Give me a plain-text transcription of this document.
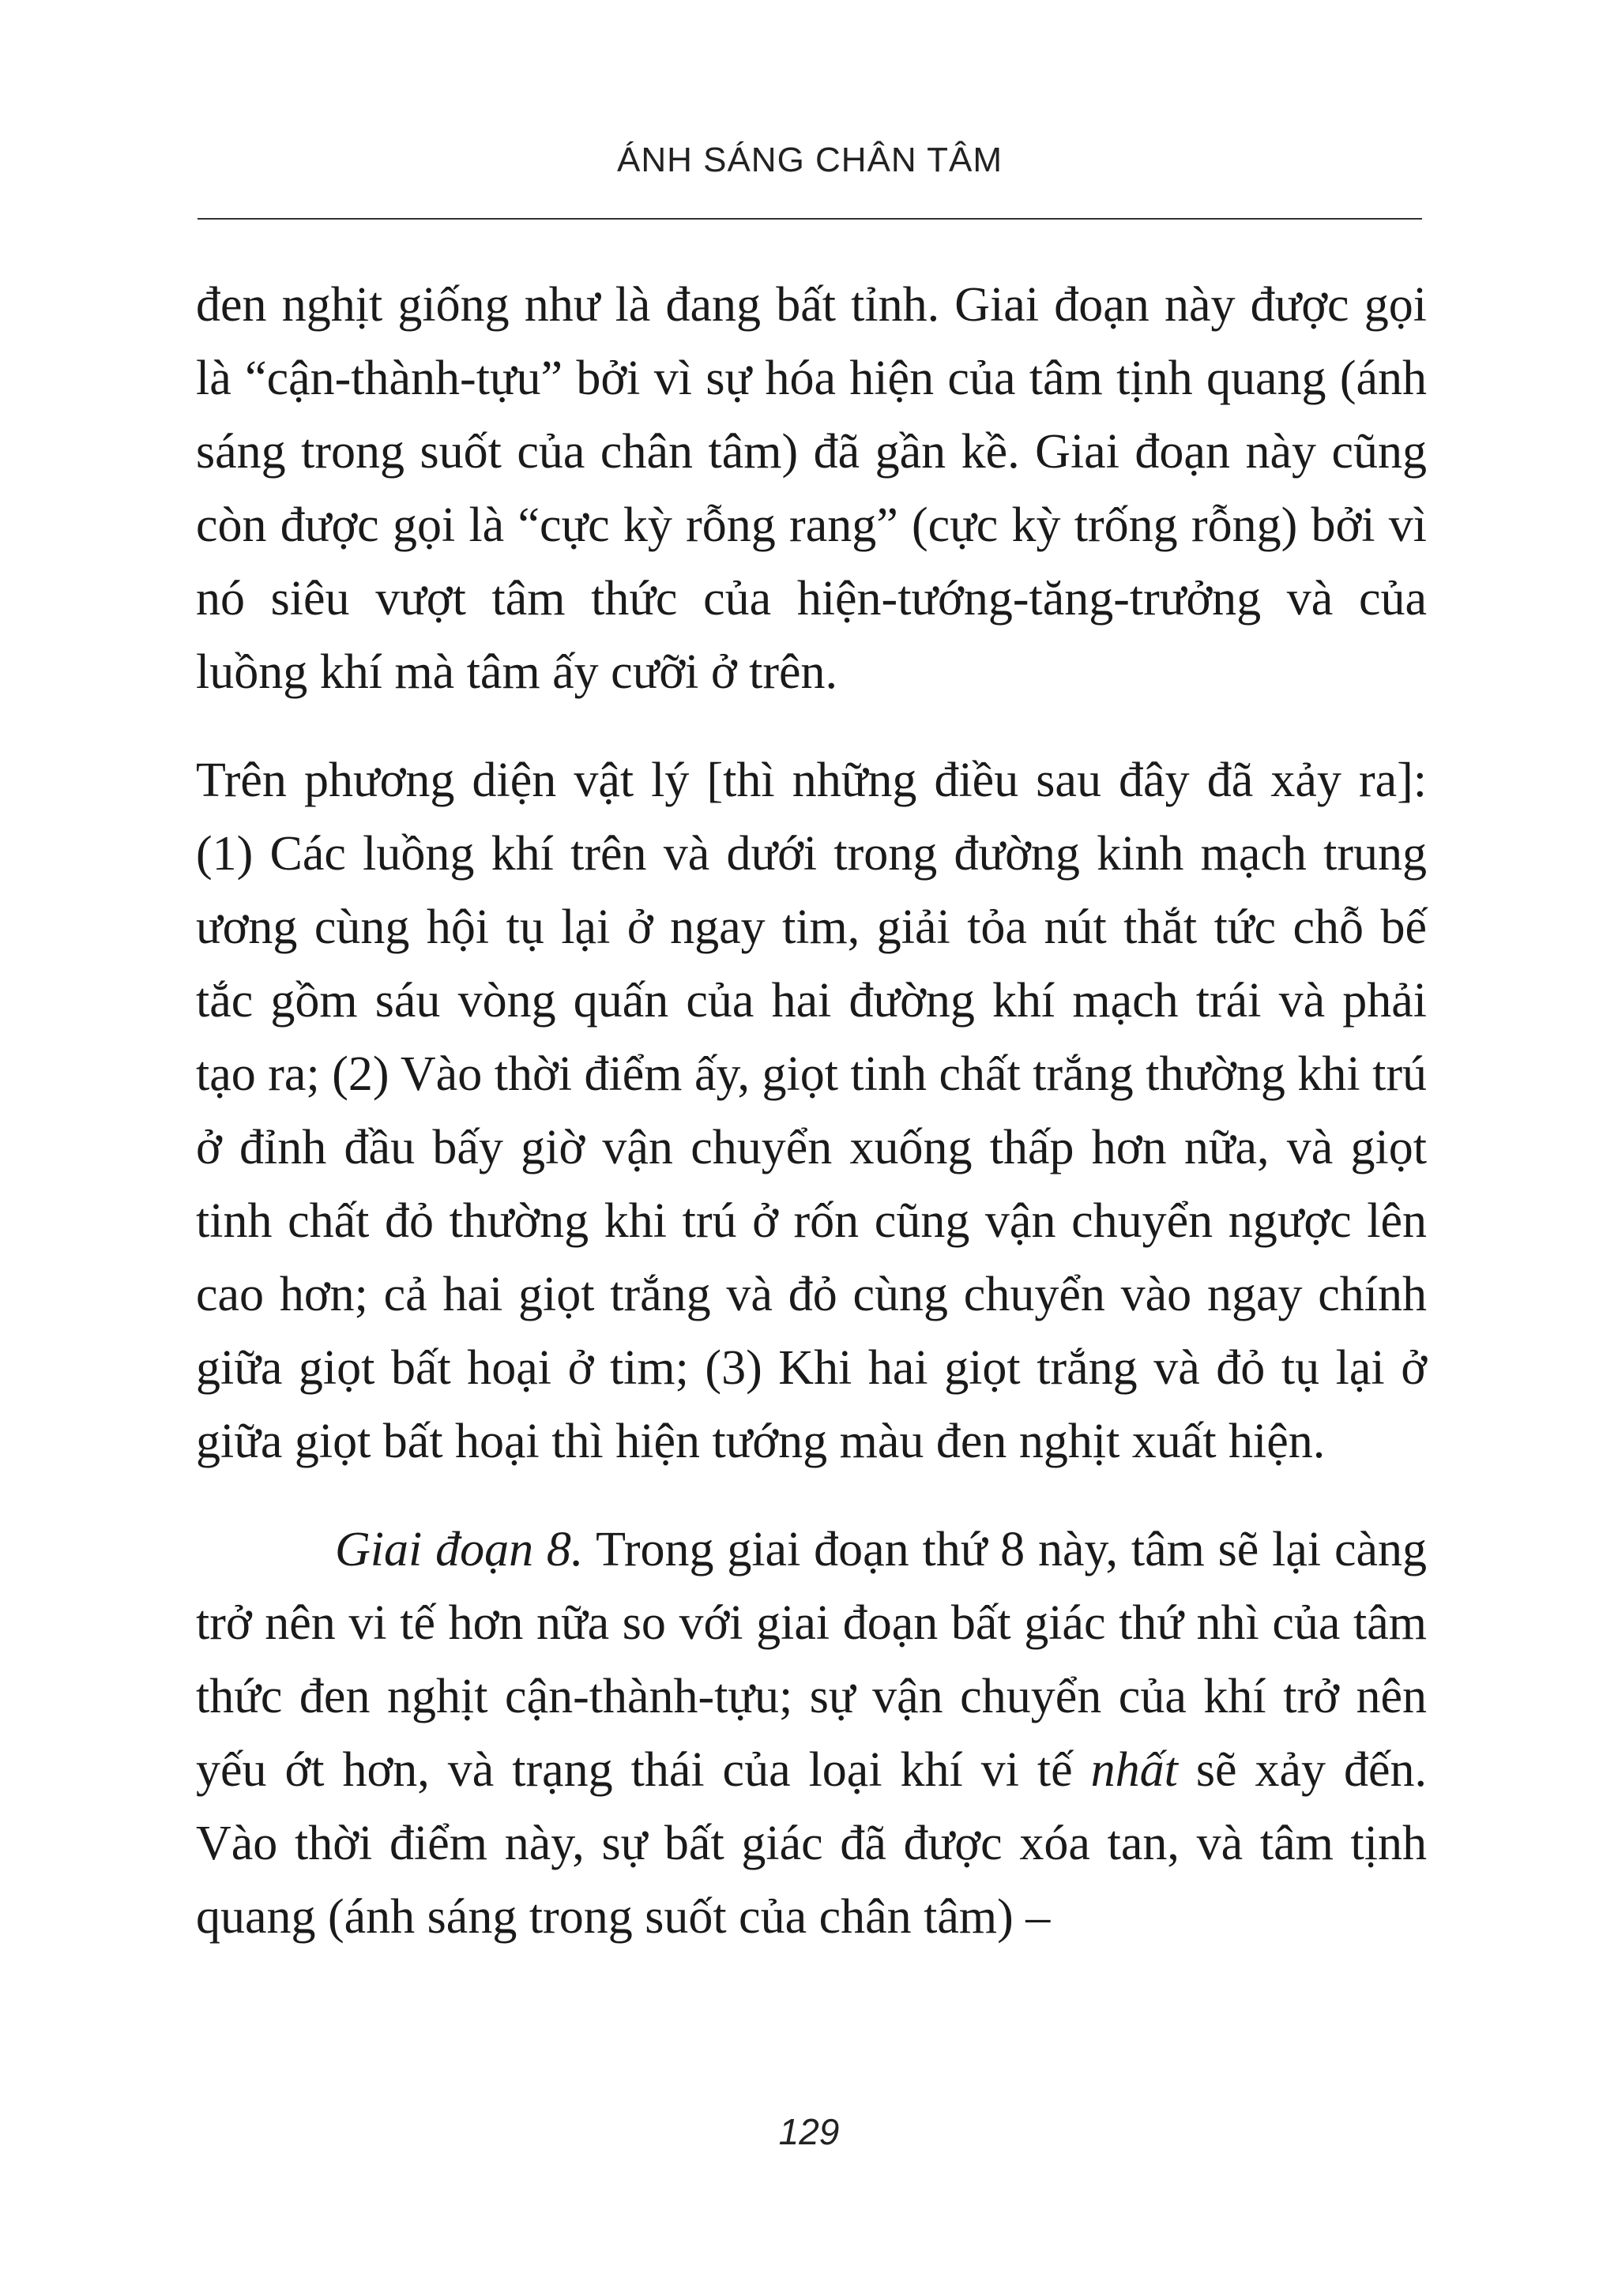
ÁNH SÁNG CHÂN TÂM

đen nghịt giống như là đang bất tỉnh. Giai đoạn này được gọi là “cận-thành-tựu” bởi vì sự hóa hiện của tâm tịnh quang (ánh sáng trong suốt của chân tâm) đã gần kề. Giai đoạn này cũng còn được gọi là “cực kỳ rỗng rang” (cực kỳ trống rỗng) bởi vì nó siêu vượt tâm thức của hiện-tướng-tăng-trưởng và của luồng khí mà tâm ấy cưỡi ở trên.

Trên phương diện vật lý [thì những điều sau đây đã xảy ra]: (1) Các luồng khí trên và dưới trong đường kinh mạch trung ương cùng hội tụ lại ở ngay tim, giải tỏa nút thắt tức chỗ bế tắc gồm sáu vòng quấn của hai đường khí mạch trái và phải tạo ra; (2) Vào thời điểm ấy, giọt tinh chất trắng thường khi trú ở đỉnh đầu bấy giờ vận chuyển xuống thấp hơn nữa, và giọt tinh chất đỏ thường khi trú ở rốn cũng vận chuyển ngược lên cao hơn; cả hai giọt trắng và đỏ cùng chuyển vào ngay chính giữa giọt bất hoại ở tim; (3) Khi hai giọt trắng và đỏ tụ lại ở giữa giọt bất hoại thì hiện tướng màu đen nghịt xuất hiện.

Giai đoạn 8. Trong giai đoạn thứ 8 này, tâm sẽ lại càng trở nên vi tế hơn nữa so với giai đoạn bất giác thứ nhì của tâm thức đen nghịt cận-thành-tựu; sự vận chuyển của khí trở nên yếu ớt hơn, và trạng thái của loại khí vi tế nhất sẽ xảy đến. Vào thời điểm này, sự bất giác đã được xóa tan, và tâm tịnh quang (ánh sáng trong suốt của chân tâm) –

129
